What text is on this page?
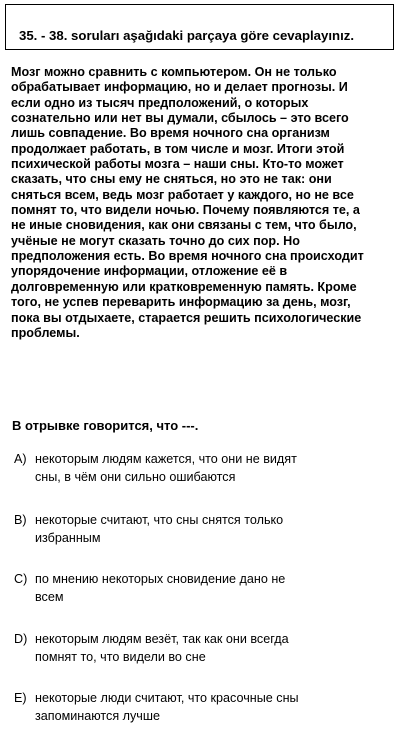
35. - 38. soruları aşağıdaki parçaya göre cevaplayınız.
Мозг можно сравнить с компьютером. Он не только
обрабатывает информацию, но и делает прогнозы. И
если одно из тысяч предположений, о которых
сознательно или нет вы думали, сбылось – это всего
лишь совпадение. Во время ночного сна организм
продолжает работать, в том числе и мозг. Итоги этой
психической работы мозга – наши сны. Кто-то может
сказать, что сны ему не сняться, но это не так: они
сняться всем, ведь мозг работает у каждого, но не все
помнят то, что видели ночью. Почему появляются те, а
не иные сновидения, как они связаны с тем, что было,
учёные не могут сказать точно до сих пор. Но
предположения есть. Во время ночного сна происходит
упорядочение информации, отложение её в
долговременную или кратковременную память. Кроме
того, не успев переварить информацию за день, мозг,
пока вы отдыхаете, старается решить психологические
проблемы.
В отрывке говорится, что ---.
A) некоторым людям кажется, что они не видят
сны, в чём они сильно ошибаются
B) некоторые считают, что сны снятся только
избранным
C) по мнению некоторых сновидение дано не
всем
D) некоторым людям везёт, так как они всегда
помнят то, что видели во сне
E) некоторые люди считают, что красочные сны
запоминаются лучше
